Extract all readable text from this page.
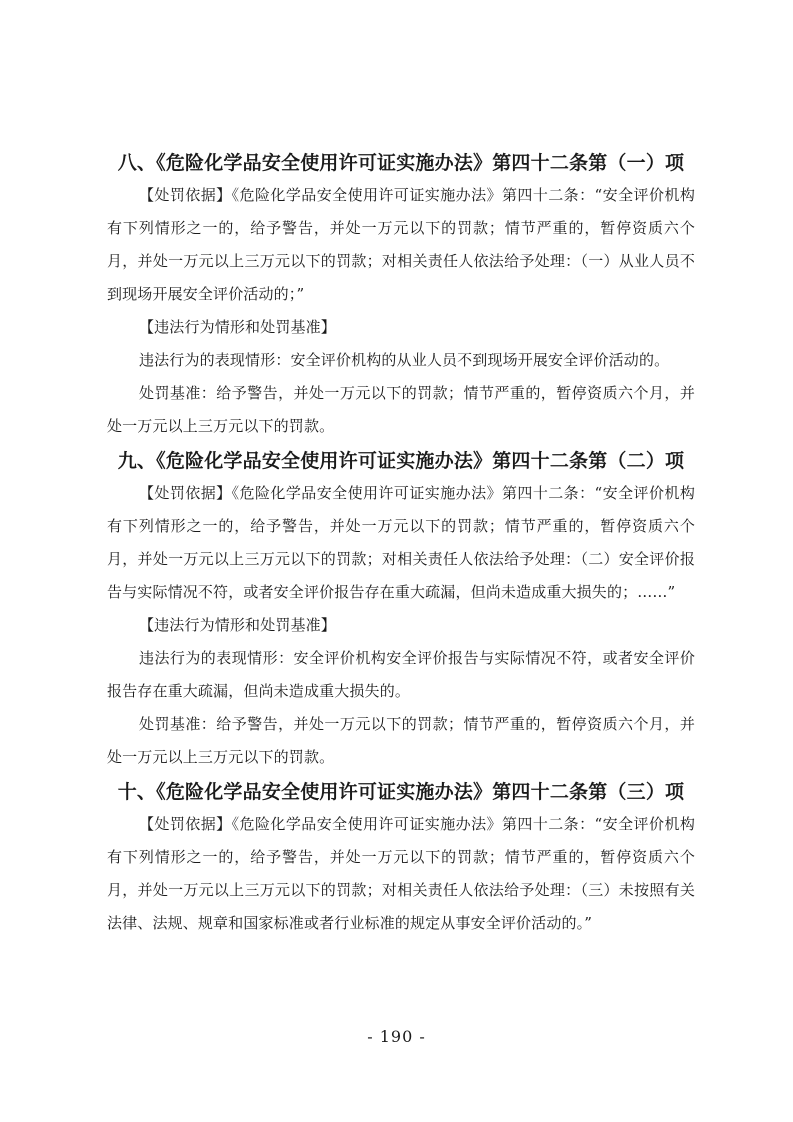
八、《危险化学品安全使用许可证实施办法》第四十二条第（一）项

【处罚依据】《危险化学品安全使用许可证实施办法》第四十二条：“安全评价机构有下列情形之一的，给予警告，并处一万元以下的罚款；情节严重的，暂停资质六个月，并处一万元以上三万元以下的罚款；对相关责任人依法给予处理：（一）从业人员不到现场开展安全评价活动的；”

【违法行为情形和处罚基准】

违法行为的表现情形：安全评价机构的从业人员不到现场开展安全评价活动的。

处罚基准：给予警告，并处一万元以下的罚款；情节严重的，暂停资质六个月，并处一万元以上三万元以下的罚款。

九、《危险化学品安全使用许可证实施办法》第四十二条第（二）项

【处罚依据】《危险化学品安全使用许可证实施办法》第四十二条：“安全评价机构有下列情形之一的，给予警告，并处一万元以下的罚款；情节严重的，暂停资质六个月，并处一万元以上三万元以下的罚款；对相关责任人依法给予处理：（二）安全评价报告与实际情况不符，或者安全评价报告存在重大疏漏，但尚未造成重大损失的；……”

【违法行为情形和处罚基准】

违法行为的表现情形：安全评价机构安全评价报告与实际情况不符，或者安全评价报告存在重大疏漏，但尚未造成重大损失的。

处罚基准：给予警告，并处一万元以下的罚款；情节严重的，暂停资质六个月，并处一万元以上三万元以下的罚款。

十、《危险化学品安全使用许可证实施办法》第四十二条第（三）项

【处罚依据】《危险化学品安全使用许可证实施办法》第四十二条：“安全评价机构有下列情形之一的，给予警告，并处一万元以下的罚款；情节严重的，暂停资质六个月，并处一万元以上三万元以下的罚款；对相关责任人依法给予处理：（三）未按照有关法律、法规、规章和国家标准或者行业标准的规定从事安全评价活动的。”

- 190 -
